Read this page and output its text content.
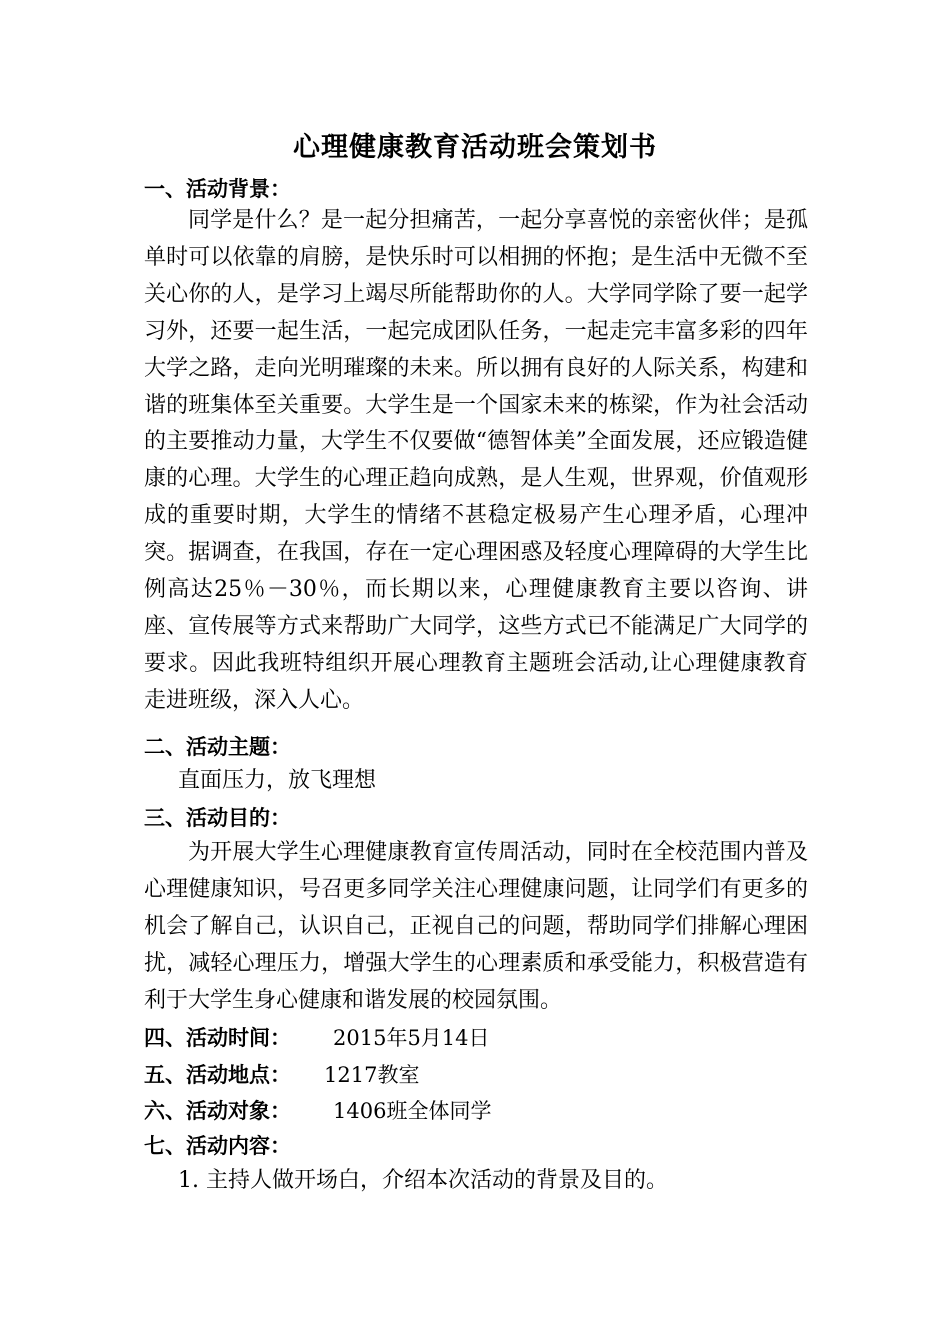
心理健康教育活动班会策划书
一、活动背景：

同学是什么？是一起分担痛苦，一起分享喜悦的亲密伙伴；是孤单时可以依靠的肩膀，是快乐时可以相拥的怀抱；是生活中无微不至关心你的人，是学习上竭尽所能帮助你的人。大学同学除了要一起学习外，还要一起生活，一起完成团队任务，一起走完丰富多彩的四年大学之路，走向光明璀璨的未来。所以拥有良好的人际关系，构建和谐的班集体至关重要。大学生是一个国家未来的栋梁，作为社会活动的主要推动力量，大学生不仅要做“德智体美”全面发展，还应锻造健康的心理。大学生的心理正趋向成熟，是人生观，世界观，价值观形成的重要时期，大学生的情绪不甚稳定极易产生心理矛盾，心理冲突。据调查，在我国，存在一定心理困惑及轻度心理障碍的大学生比例高达25％－30％，而长期以来，心理健康教育主要以咨询、讲座、宣传展等方式来帮助广大同学，这些方式已不能满足广大同学的要求。因此我班特组织开展心理教育主题班会活动,让心理健康教育走进班级，深入人心。

二、活动主题：
直面压力，放飞理想
三、活动目的：

为开展大学生心理健康教育宣传周活动，同时在全校范围内普及心理健康知识，号召更多同学关注心理健康问题，让同学们有更多的机会了解自己，认识自己，正视自己的问题，帮助同学们排解心理困扰，减轻心理压力，增强大学生的心理素质和承受能力，积极营造有利于大学生身心健康和谐发展的校园氛围。

四、活动时间： 2015年5月14日
五、活动地点： 1217教室
六、活动对象： 1406班全体同学
七、活动内容：
1. 主持人做开场白，介绍本次活动的背景及目的。
